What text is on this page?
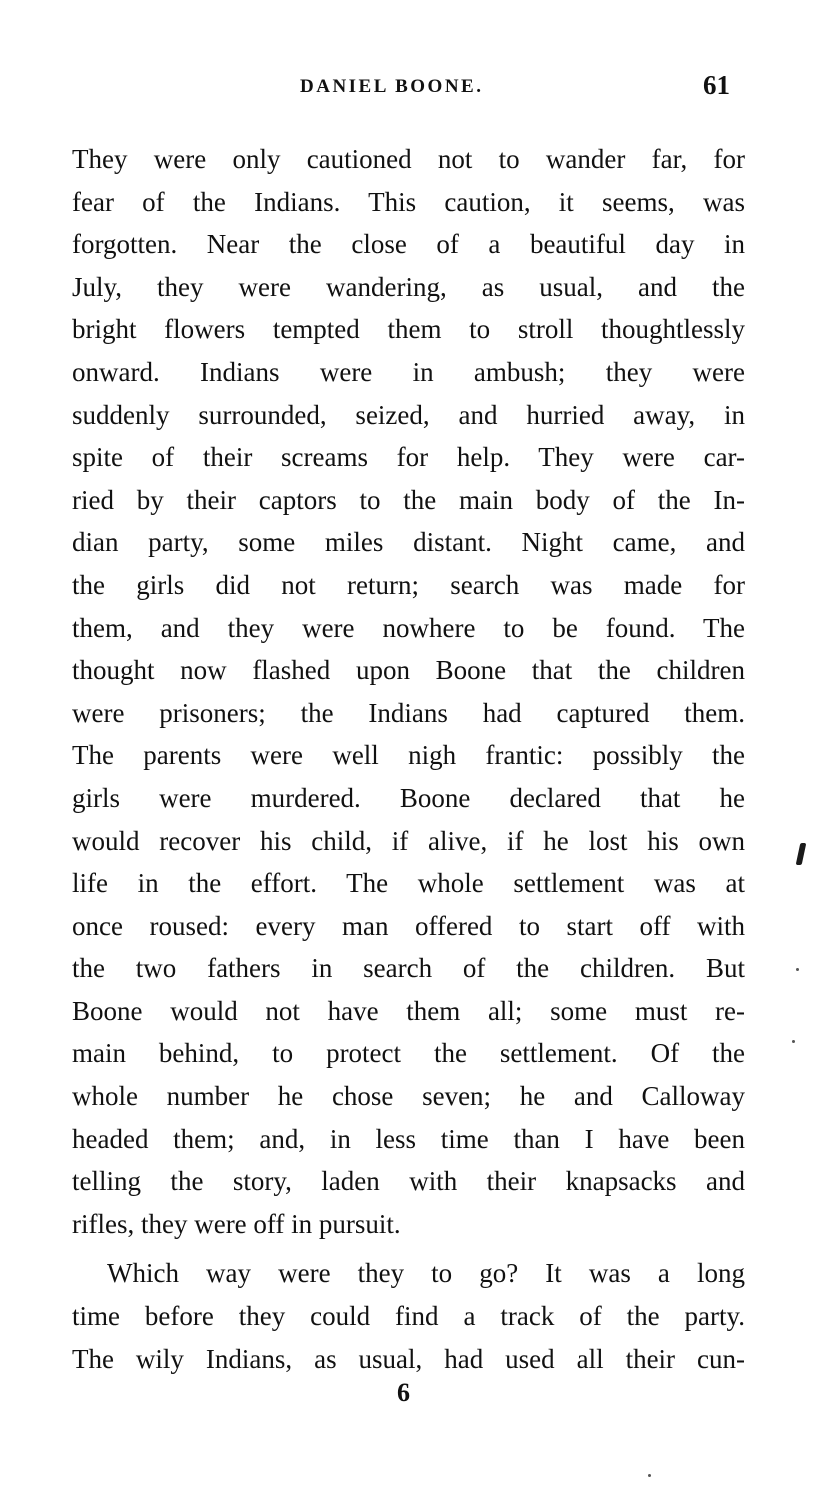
DANIEL BOONE.	61
They were only cautioned not to wander far, for
fear of the Indians. This caution, it seems, was
forgotten. Near the close of a beautiful day in
July, they were wandering, as usual, and the
bright flowers tempted them to stroll thoughtlessly
onward. Indians were in ambush; they were
suddenly surrounded, seized, and hurried away, in
spite of their screams for help. They were car-
ried by their captors to the main body of the In-
dian party, some miles distant. Night came, and
the girls did not return; search was made for
them, and they were nowhere to be found. The
thought now flashed upon Boone that the children
were prisoners; the Indians had captured them.
The parents were well nigh frantic: possibly the
girls were murdered. Boone declared that he
would recover his child, if alive, if he lost his own
life in the effort. The whole settlement was at
once roused: every man offered to start off with
the two fathers in search of the children. But
Boone would not have them all; some must re-
main behind, to protect the settlement. Of the
whole number he chose seven; he and Calloway
headed them; and, in less time than I have been
telling the story, laden with their knapsacks and
rifles, they were off in pursuit.
Which way were they to go? It was a long
time before they could find a track of the party.
The wily Indians, as usual, had used all their cun-
6
